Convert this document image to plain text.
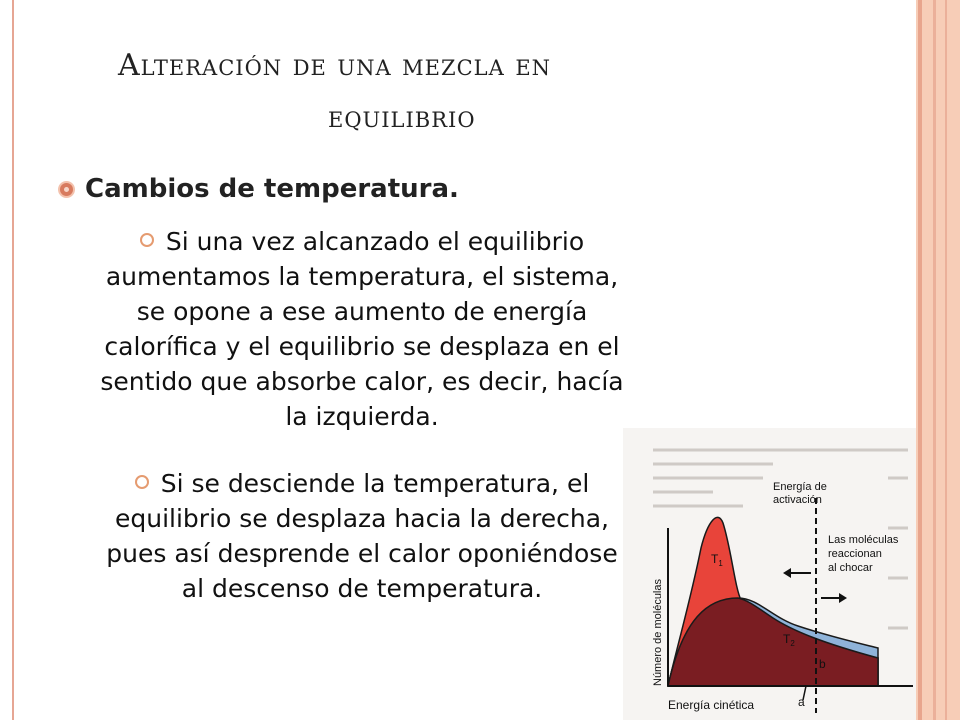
Alteración de una mezcla en
equilibrio
Cambios de temperatura.
Si una vez alcanzado el equilibrio aumentamos la temperatura, el sistema, se opone a ese aumento de energía calorífica y el equilibrio se desplaza en el sentido que absorbe calor, es decir, hacía la izquierda.
Si se desciende la temperatura, el equilibrio se desplaza hacia la derecha, pues así desprende el calor oponiéndose al descenso de temperatura.
Energía de
activación
Las moléculas
reaccionan
al chocar
$T_1$
$T_2$
b
a
Energía cinética
Número de moléculas
